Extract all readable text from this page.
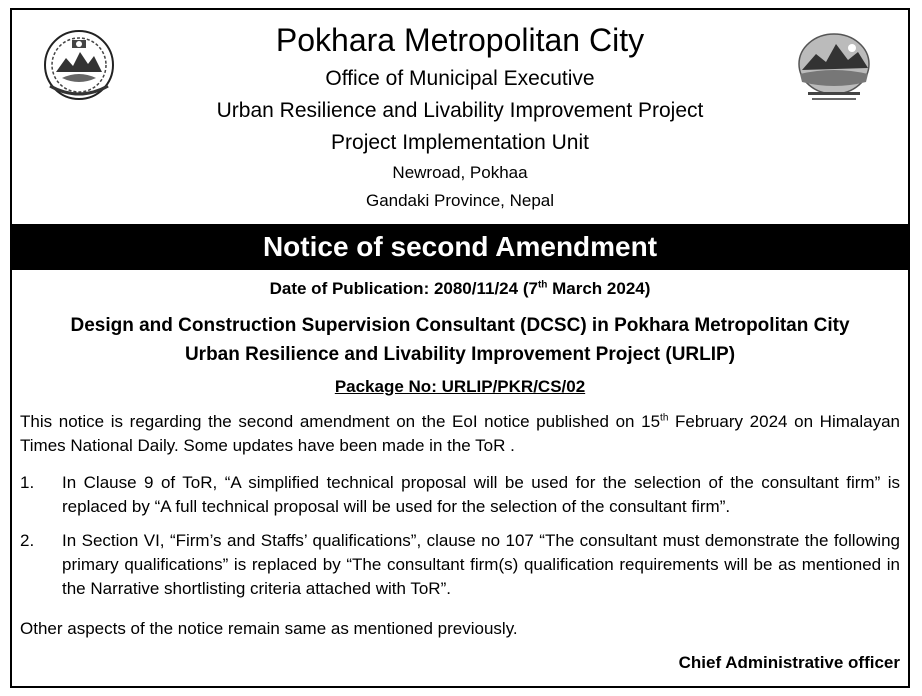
Pokhara Metropolitan City
Office of Municipal Executive
Urban Resilience and Livability Improvement Project
Project Implementation Unit
Newroad, Pokhaa
Gandaki Province, Nepal
Notice of second Amendment
Date of Publication: 2080/11/24 (7th March 2024)
Design and Construction Supervision Consultant (DCSC) in Pokhara Metropolitan City
Urban Resilience and Livability Improvement Project (URLIP)
Package No: URLIP/PKR/CS/02
This notice is regarding the second amendment on the EoI notice published on 15th February 2024 on Himalayan Times National Daily. Some updates have been made in the ToR .
1.	In Clause 9 of ToR, “A simplified technical proposal will be used for the selection of the consultant firm” is replaced by “A full technical proposal will be used for the selection of the consultant firm”.
2.	In Section VI, “Firm’s and Staffs’ qualifications”, clause no 107 “The consultant must demonstrate the following primary qualifications” is replaced by “The consultant firm(s) qualification requirements will be as mentioned in the Narrative shortlisting criteria attached with ToR”.
Other aspects of the notice remain same as mentioned previously.
Chief Administrative officer
